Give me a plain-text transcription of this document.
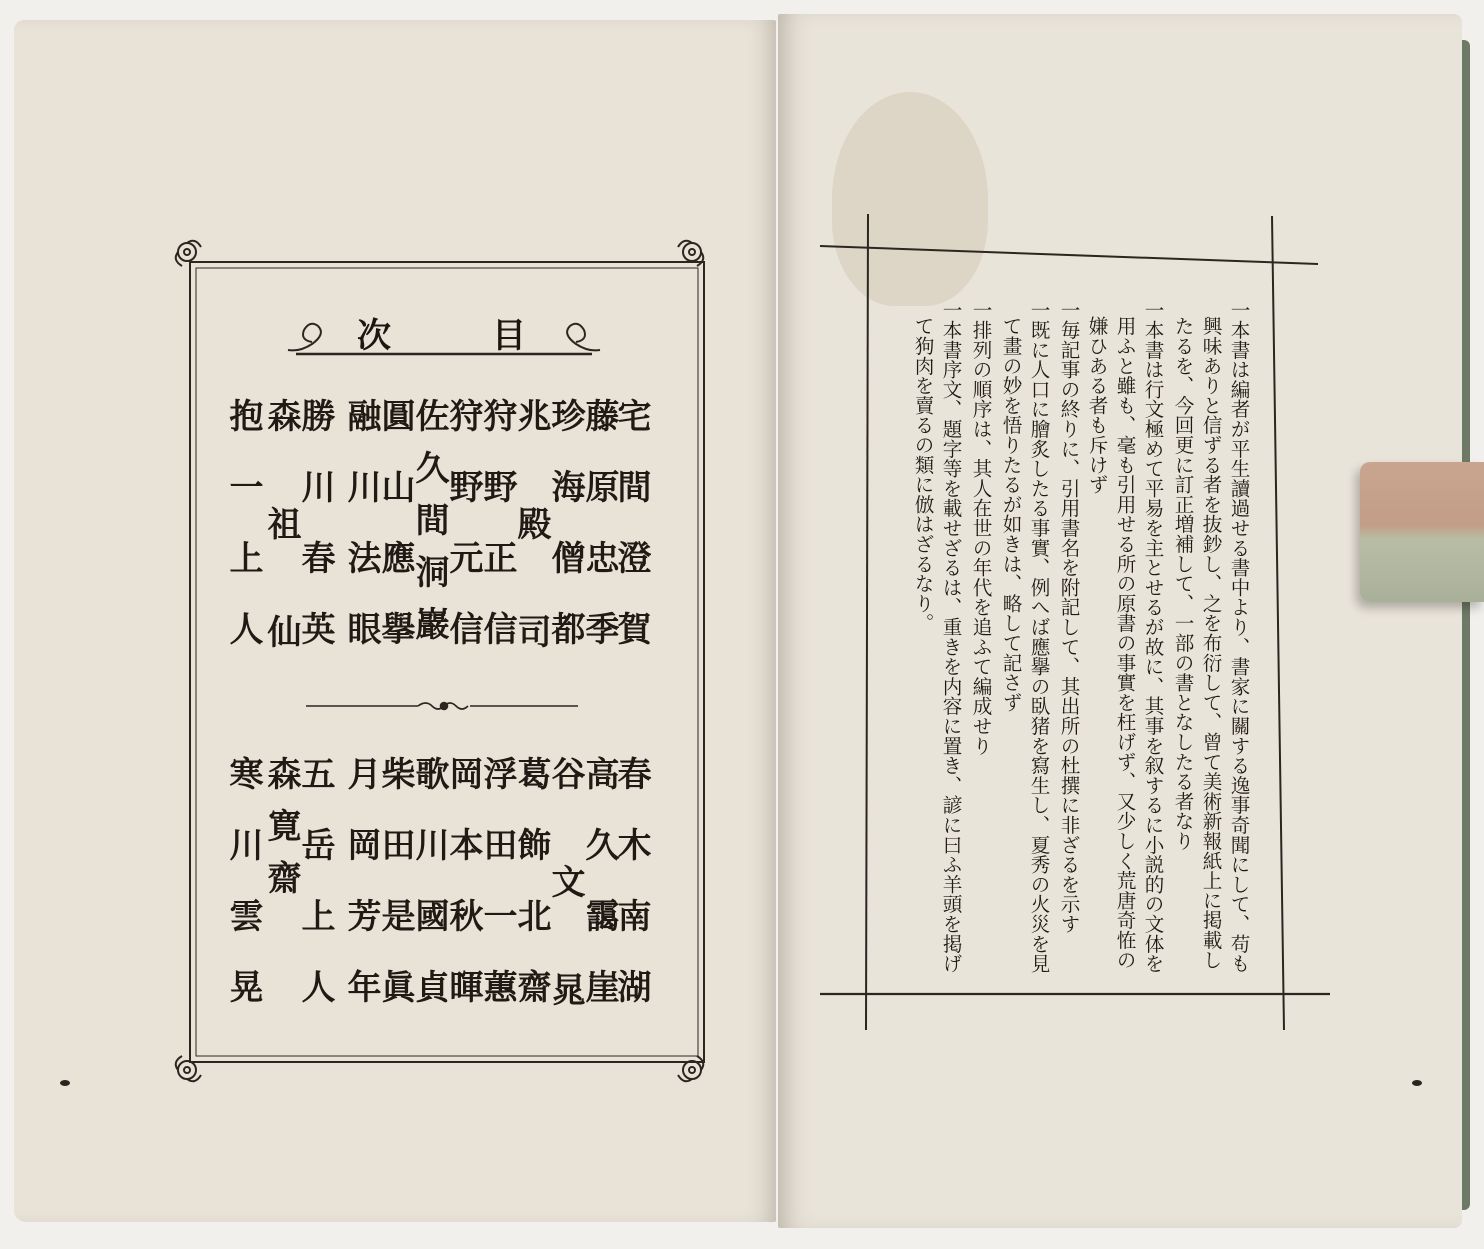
目
次
宅間澄賀
藤原忠季
珍海僧都
兆殿司
狩野正信
狩野元信
佐久間洞巖
圓山應擧
融川法眼
勝川春英
森祖仙
抱一上人
春木南湖
高久靄崖
谷文晁
葛飾北齋
浮田一蕙
岡本秋暉
歌川國貞
柴田是眞
月岡芳年
五岳上人
森寛齋
寒川雲晃	一本書は編者が平生讀過せる書中より、書家に關する逸事奇聞にして、苟も
興味ありと信ずる者を抜鈔し、之を布衍して、曾て美術新報紙上に掲載し
たるを、今回更に訂正増補して、一部の書となしたる者なり
一本書は行文極めて平易を主とせるが故に、其事を叙するに小説的の文体を
用ふと雖も、毫も引用せる所の原書の事實を枉げず、又少しく荒唐奇恠の
嫌ひある者も斥けず
一毎記事の終りに、引用書名を附記して、其出所の杜撰に非ざるを示す
一既に人口に膾炙したる事實、例へば應擧の臥猪を寫生し、夏秀の火災を見
て畫の妙を悟りたるが如きは、略して記さず
一排列の順序は、其人在世の年代を追ふて編成せり
一本書序文、題字等を載せざるは、重きを内容に置き、諺に曰ふ羊頭を掲げ
て狗肉を賣るの類に倣はざるなり。
